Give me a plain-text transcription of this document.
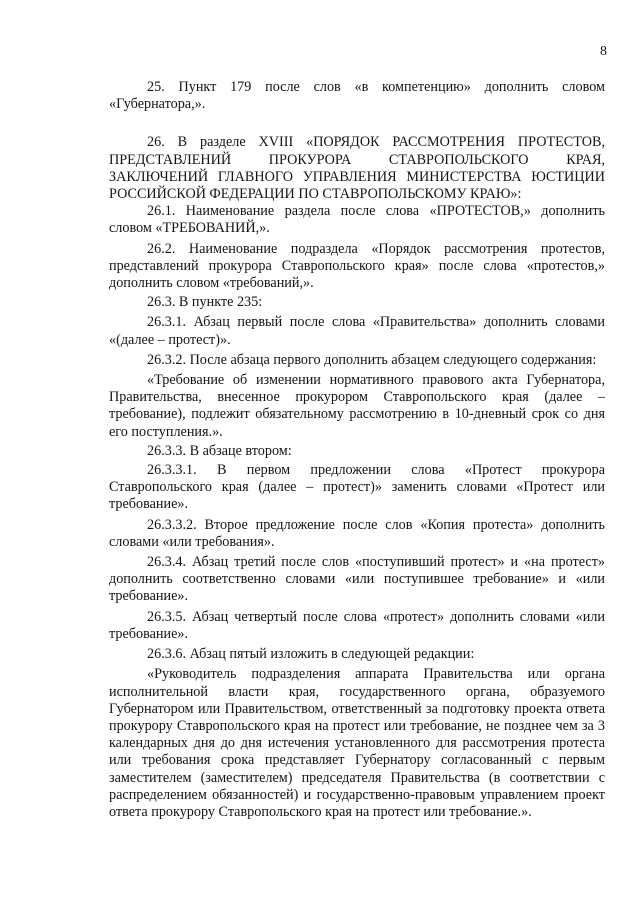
8

25. Пункт 179 после слов «в компетенцию» дополнить словом «Губернатора,».

26. В разделе XVIII «ПОРЯДОК РАССМОТРЕНИЯ ПРОТЕСТОВ, ПРЕДСТАВЛЕНИЙ ПРОКУРОРА СТАВРОПОЛЬСКОГО КРАЯ, ЗАКЛЮЧЕНИЙ ГЛАВНОГО УПРАВЛЕНИЯ МИНИСТЕРСТВА ЮСТИЦИИ РОССИЙСКОЙ ФЕДЕРАЦИИ ПО СТАВРОПОЛЬСКОМУ КРАЮ»:

26.1. Наименование раздела после слова «ПРОТЕСТОВ,» дополнить словом «ТРЕБОВАНИЙ,».

26.2. Наименование подраздела «Порядок рассмотрения протестов, представлений прокурора Ставропольского края» после слова «протестов,» дополнить словом «требований,».

26.3. В пункте 235:

26.3.1. Абзац первый после слова «Правительства» дополнить словами «(далее – протест)».

26.3.2. После абзаца первого дополнить абзацем следующего содержания:

«Требование об изменении нормативного правового акта Губернатора, Правительства, внесенное прокурором Ставропольского края (далее – требование), подлежит обязательному рассмотрению в 10-дневный срок со дня его поступления.».

26.3.3. В абзаце втором:

26.3.3.1. В первом предложении слова «Протест прокурора Ставропольского края (далее – протест)» заменить словами «Протест или требование».

26.3.3.2. Второе предложение после слов «Копия протеста» дополнить словами «или требования».

26.3.4. Абзац третий после слов «поступивший протест» и «на протест» дополнить соответственно словами «или поступившее требование» и «или требование».

26.3.5. Абзац четвертый после слова «протест» дополнить словами «или требование».

26.3.6. Абзац пятый изложить в следующей редакции:

«Руководитель подразделения аппарата Правительства или органа исполнительной власти края, государственного органа, образуемого Губернатором или Правительством, ответственный за подготовку проекта ответа прокурору Ставропольского края на протест или требование, не позднее чем за 3 календарных дня до дня истечения установленного для рассмотрения протеста или требования срока представляет Губернатору согласованный с первым заместителем (заместителем) председателя Правительства (в соответствии с распределением обязанностей) и государственно-правовым управлением проект ответа прокурору Ставропольского края на протест или требование.».
